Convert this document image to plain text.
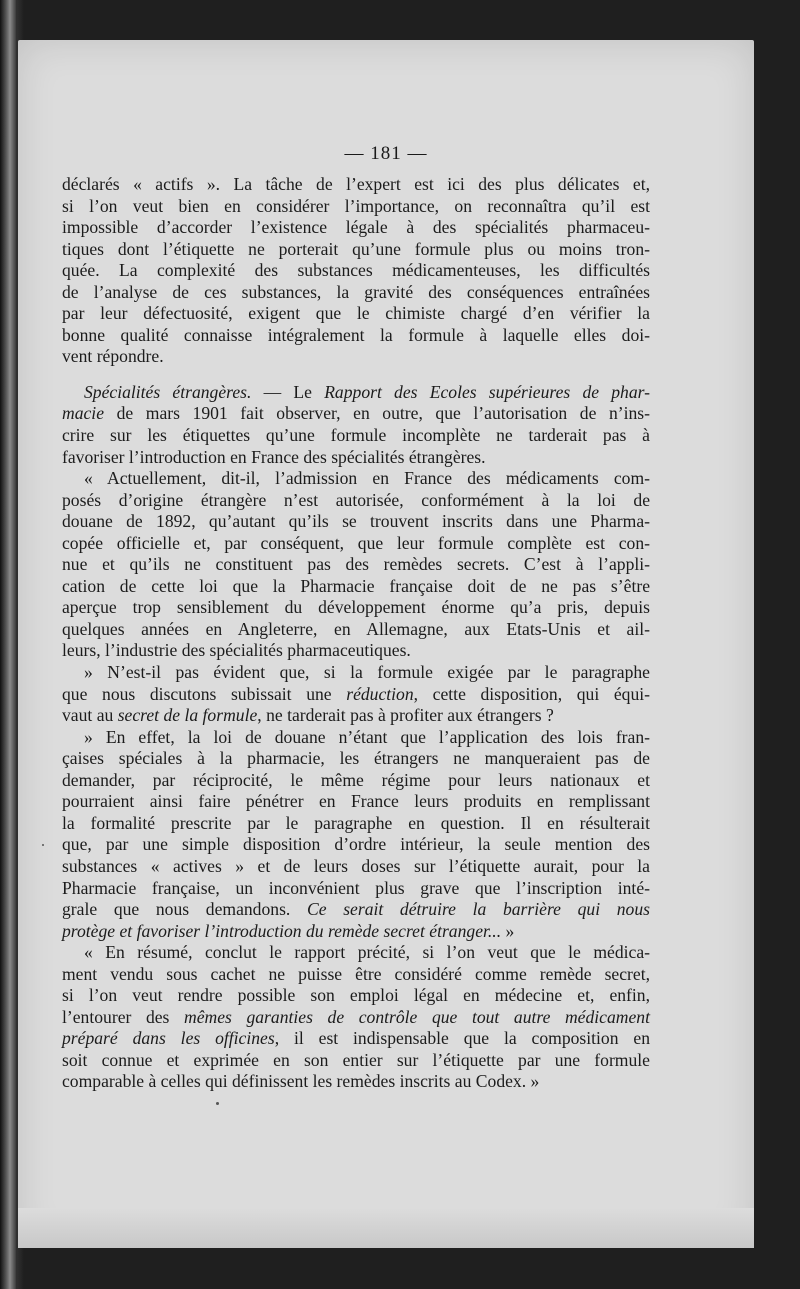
— 181 —
déclarés « actifs ». La tâche de l’expert est ici des plus délicates et,
si l’on veut bien en considérer l’importance, on reconnaîtra qu’il est
impossible d’accorder l’existence légale à des spécialités pharmaceu-
tiques dont l’étiquette ne porterait qu’une formule plus ou moins tron-
quée. La complexité des substances médicamenteuses, les difficultés
de l’analyse de ces substances, la gravité des conséquences entraînées
par leur défectuosité, exigent que le chimiste chargé d’en vérifier la
bonne qualité connaisse intégralement la formule à laquelle elles doi-
vent répondre.
Spécialités étrangères. — Le Rapport des Ecoles supérieures de phar-
macie de mars 1901 fait observer, en outre, que l’autorisation de n’ins-
crire sur les étiquettes qu’une formule incomplète ne tarderait pas à
favoriser l’introduction en France des spécialités étrangères.
« Actuellement, dit-il, l’admission en France des médicaments com-
posés d’origine étrangère n’est autorisée, conformément à la loi de
douane de 1892, qu’autant qu’ils se trouvent inscrits dans une Pharma-
copée officielle et, par conséquent, que leur formule complète est con-
nue et qu’ils ne constituent pas des remèdes secrets. C’est à l’appli-
cation de cette loi que la Pharmacie française doit de ne pas s’être
aperçue trop sensiblement du développement énorme qu’a pris, depuis
quelques années en Angleterre, en Allemagne, aux Etats-Unis et ail-
leurs, l’industrie des spécialités pharmaceutiques.
» N’est-il pas évident que, si la formule exigée par le paragraphe
que nous discutons subissait une réduction, cette disposition, qui équi-
vaut au secret de la formule, ne tarderait pas à profiter aux étrangers ?
» En effet, la loi de douane n’étant que l’application des lois fran-
çaises spéciales à la pharmacie, les étrangers ne manqueraient pas de
demander, par réciprocité, le même régime pour leurs nationaux et
pourraient ainsi faire pénétrer en France leurs produits en remplissant
la formalité prescrite par le paragraphe en question. Il en résulterait
que, par une simple disposition d’ordre intérieur, la seule mention des
substances « actives » et de leurs doses sur l’étiquette aurait, pour la
Pharmacie française, un inconvénient plus grave que l’inscription inté-
grale que nous demandons. Ce serait détruire la barrière qui nous
protège et favoriser l’introduction du remède secret étranger... »
« En résumé, conclut le rapport précité, si l’on veut que le médica-
ment vendu sous cachet ne puisse être considéré comme remède secret,
si l’on veut rendre possible son emploi légal en médecine et, enfin,
l’entourer des mêmes garanties de contrôle que tout autre médicament
préparé dans les officines, il est indispensable que la composition en
soit connue et exprimée en son entier sur l’étiquette par une formule
comparable à celles qui définissent les remèdes inscrits au Codex. »
